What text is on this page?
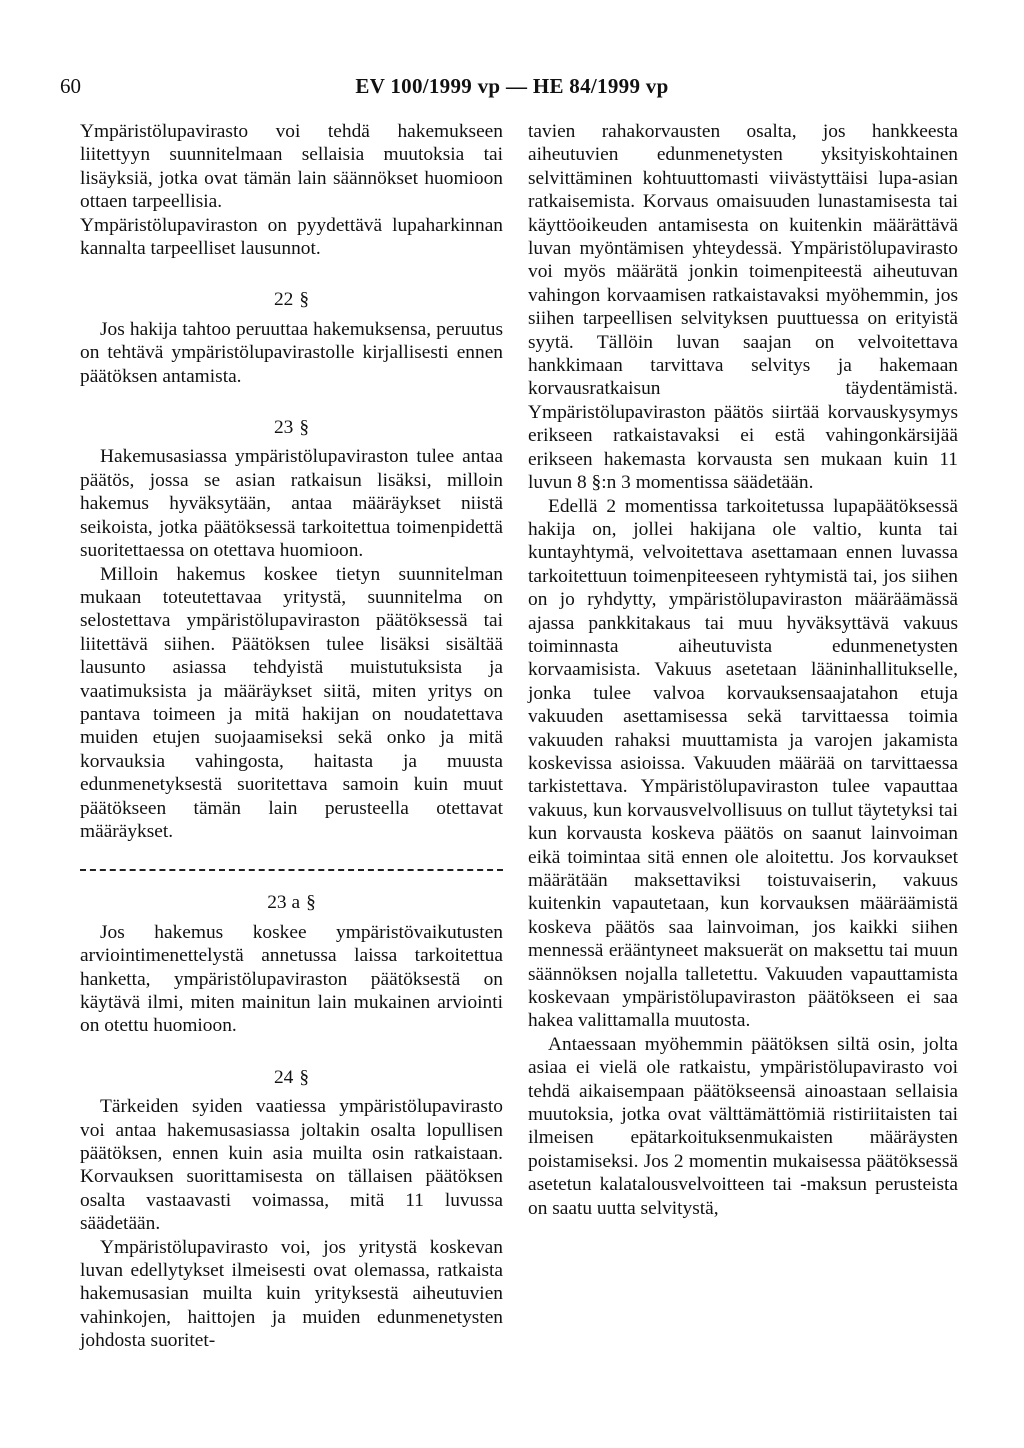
60	EV 100/1999 vp — HE 84/1999 vp

Ympäristölupavirasto voi tehdä hakemukseen liitettyyn suunnitelmaan sellaisia muutoksia tai lisäyksiä, jotka ovat tämän lain säännökset huomioon ottaen tarpeellisia.

Ympäristölupaviraston on pyydettävä lupaharkinnan kannalta tarpeelliset lausunnot.

22 §

Jos hakija tahtoo peruuttaa hakemuksensa, peruutus on tehtävä ympäristölupavirastolle kirjallisesti ennen päätöksen antamista.

23 §

Hakemusasiassa ympäristölupaviraston tulee antaa päätös, jossa se asian ratkaisun lisäksi, milloin hakemus hyväksytään, antaa määräykset niistä seikoista, jotka päätöksessä tarkoitettua toimenpidettä suoritettaessa on otettava huomioon.

Milloin hakemus koskee tietyn suunnitelman mukaan toteutettavaa yritystä, suunnitelma on selostettava ympäristölupaviraston päätöksessä tai liitettävä siihen. Päätöksen tulee lisäksi sisältää lausunto asiassa tehdyistä muistutuksista ja vaatimuksista ja määräykset siitä, miten yritys on pantava toimeen ja mitä hakijan on noudatettava muiden etujen suojaamiseksi sekä onko ja mitä korvauksia vahingosta, haitasta ja muusta edunmenetyksestä suoritettava samoin kuin muut päätökseen tämän lain perusteella otettavat määräykset.

23 a §

Jos hakemus koskee ympäristövaikutusten arviointimenettelystä annetussa laissa tarkoitettua hanketta, ympäristölupaviraston päätöksestä on käytävä ilmi, miten mainitun lain mukainen arviointi on otettu huomioon.

24 §

Tärkeiden syiden vaatiessa ympäristölupavirasto voi antaa hakemusasiassa joltakin osalta lopullisen päätöksen, ennen kuin asia muilta osin ratkaistaan. Korvauksen suorittamisesta on tällaisen päätöksen osalta vastaavasti voimassa, mitä 11 luvussa säädetään.

Ympäristölupavirasto voi, jos yritystä koskevan luvan edellytykset ilmeisesti ovat olemassa, ratkaista hakemusasian muilta kuin yrityksestä aiheutuvien vahinkojen, haittojen ja muiden edunmenetysten johdosta suoritet-

tavien rahakorvausten osalta, jos hankkeesta aiheutuvien edunmenetysten yksityiskohtainen selvittäminen kohtuuttomasti viivästyttäisi lupa-asian ratkaisemista. Korvaus omaisuuden lunastamisesta tai käyttöoikeuden antamisesta on kuitenkin määrättävä luvan myöntämisen yhteydessä. Ympäristölupavirasto voi myös määrätä jonkin toimenpiteestä aiheutuvan vahingon korvaamisen ratkaistavaksi myöhemmin, jos siihen tarpeellisen selvityksen puuttuessa on erityistä syytä. Tällöin luvan saajan on velvoitettava hankkimaan tarvittava selvitys ja hakemaan korvausratkaisun täydentämistä. Ympäristölupaviraston päätös siirtää korvauskysymys erikseen ratkaistavaksi ei estä vahingonkärsijää erikseen hakemasta korvausta sen mukaan kuin 11 luvun 8 §:n 3 momentissa säädetään.

Edellä 2 momentissa tarkoitetussa lupapäätöksessä hakija on, jollei hakijana ole valtio, kunta tai kuntayhtymä, velvoitettava asettamaan ennen luvassa tarkoitettuun toimenpiteeseen ryhtymistä tai, jos siihen on jo ryhdytty, ympäristölupaviraston määräämässä ajassa pankkitakaus tai muu hyväksyttävä vakuus toiminnasta aiheutuvista edunmenetysten korvaamisista. Vakuus asetetaan lääninhallitukselle, jonka tulee valvoa korvauksensaajatahon etuja vakuuden asettamisessa sekä tarvittaessa toimia vakuuden rahaksi muuttamista ja varojen jakamista koskevissa asioissa. Vakuuden määrää on tarvittaessa tarkistettava. Ympäristölupaviraston tulee vapauttaa vakuus, kun korvausvelvollisuus on tullut täytetyksi tai kun korvausta koskeva päätös on saanut lainvoiman eikä toimintaa sitä ennen ole aloitettu. Jos korvaukset määrätään maksettaviksi toistuvaiserin, vakuus kuitenkin vapautetaan, kun korvauksen määräämistä koskeva päätös saa lainvoiman, jos kaikki siihen mennessä erääntyneet maksuerät on maksettu tai muun säännöksen nojalla talletettu. Vakuuden vapauttamista koskevaan ympäristölupaviraston päätökseen ei saa hakea valittamalla muutosta.

Antaessaan myöhemmin päätöksen siltä osin, jolta asiaa ei vielä ole ratkaistu, ympäristölupavirasto voi tehdä aikaisempaan päätökseensä ainoastaan sellaisia muutoksia, jotka ovat välttämättömiä ristiriitaisten tai ilmeisen epätarkoituksenmukaisten määräysten poistamiseksi. Jos 2 momentin mukaisessa päätöksessä asetetun kalatalousvelvoitteen tai -maksun perusteista on saatu uutta selvitystä,
